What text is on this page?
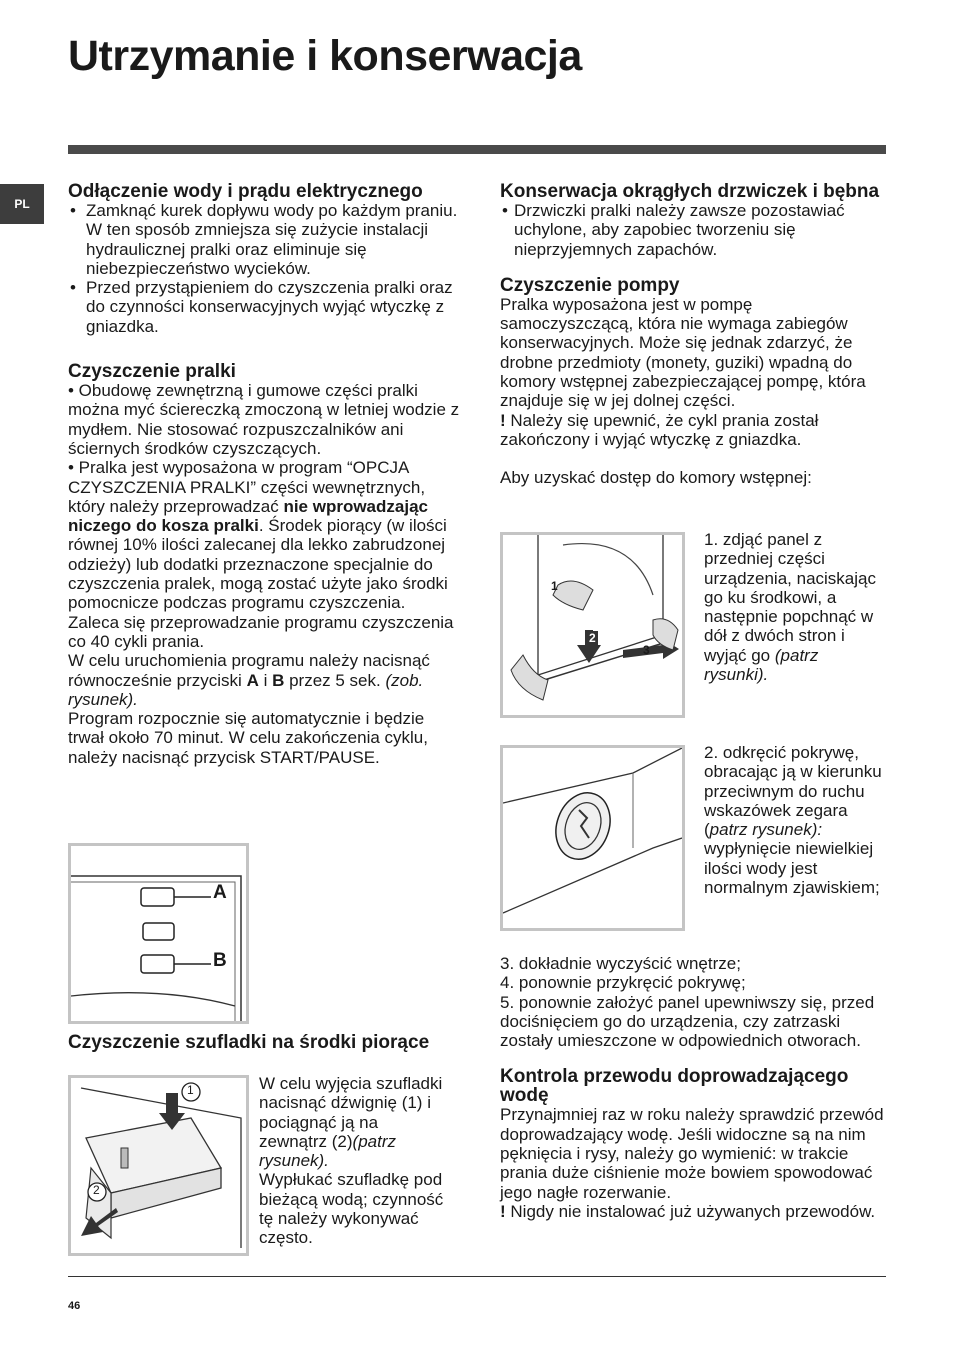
Utrzymanie i konserwacja
PL
Odłączenie wody i prądu elektrycznego
• Zamknąć kurek dopływu wody po każdym praniu. W ten sposób zmniejsza się zużycie instalacji hydraulicznej pralki oraz eliminuje się niebezpieczeństwo wycieków.
• Przed przystąpieniem do czyszczenia pralki oraz do czynności konserwacyjnych wyjąć wtyczkę z gniazdka.
Czyszczenie pralki

• Obudowę zewnętrzną i gumowe części pralki można myć ściereczką zmoczoną w letniej wodzie z mydłem. Nie stosować rozpuszczalników ani ściernych środków czyszczących.

• Pralka jest wyposażona w program “OPCJA CZYSZCZENIA PRALKI” części wewnętrznych, który należy przeprowadzać nie wprowadzając niczego do kosza pralki. Środek piorący (w ilości równej 10% ilości zalecanej dla lekko zabrudzonej odzieży) lub dodatki przeznaczone specjalnie do czyszczenia pralek, mogą zostać użyte jako środki pomocnicze podczas programu czyszczenia. Zaleca się przeprowadzanie programu czyszczenia co 40 cykli prania.

W celu uruchomienia programu należy nacisnąć równocześnie przyciski A i B przez 5 sek. (zob. rysunek).

Program rozpocznie się automatycznie i będzie trwał około 70 minut. W celu zakończenia cyklu, należy nacisnąć przycisk START/PAUSE.

A
B
Czyszczenie szufladki na środki piorące
1
2
W celu wyjęcia szufladki nacisnąć dźwignię (1) i pociągnąć ją na zewnątrz (2)(patrz rysunek).
Wypłukać szufladkę pod bieżącą wodą; czynność tę należy wykonywać często.
Konserwacja okrągłych drzwiczek i bębna
• Drzwiczki pralki należy zawsze pozostawiać uchylone, aby zapobiec tworzeniu się nieprzyjemnych zapachów.
Czyszczenie pompy

Pralka wyposażona jest w pompę samoczyszczącą, która nie wymaga zabiegów konserwacyjnych. Może się jednak zdarzyć, że drobne przedmioty (monety, guziki) wpadną do komory wstępnej zabezpieczającej pompę, która znajduje się w jej dolnej części.

! Należy się upewnić, że cykl prania został zakończony i wyjąć wtyczkę z gniazdka.

Aby uzyskać dostęp do komory wstępnej:

1
2
3
1. zdjąć panel z przedniej części urządzenia, naciskając go ku środkowi, a następnie popchnąć w dół z dwóch stron i wyjąć go (patrz rysunki).
2. odkręcić pokrywę, obracając ją w kierunku przeciwnym do ruchu wskazówek zegara (patrz rysunek): wypłynięcie niewielkiej ilości wody jest normalnym zjawiskiem;
3. dokładnie wyczyścić wnętrze;
4. ponownie przykręcić pokrywę;
5. ponownie założyć panel upewniwszy się, przed dociśnięciem go do urządzenia, czy zatrzaski zostały umieszczone w odpowiednich otworach.
Kontrola przewodu doprowadzającego wodę

Przynajmniej raz w roku należy sprawdzić przewód doprowadzający wodę. Jeśli widoczne są na nim pęknięcia i rysy, należy go wymienić: w trakcie prania duże ciśnienie może bowiem spowodować jego nagłe rozerwanie.

! Nigdy nie instalować już używanych przewodów.

46
